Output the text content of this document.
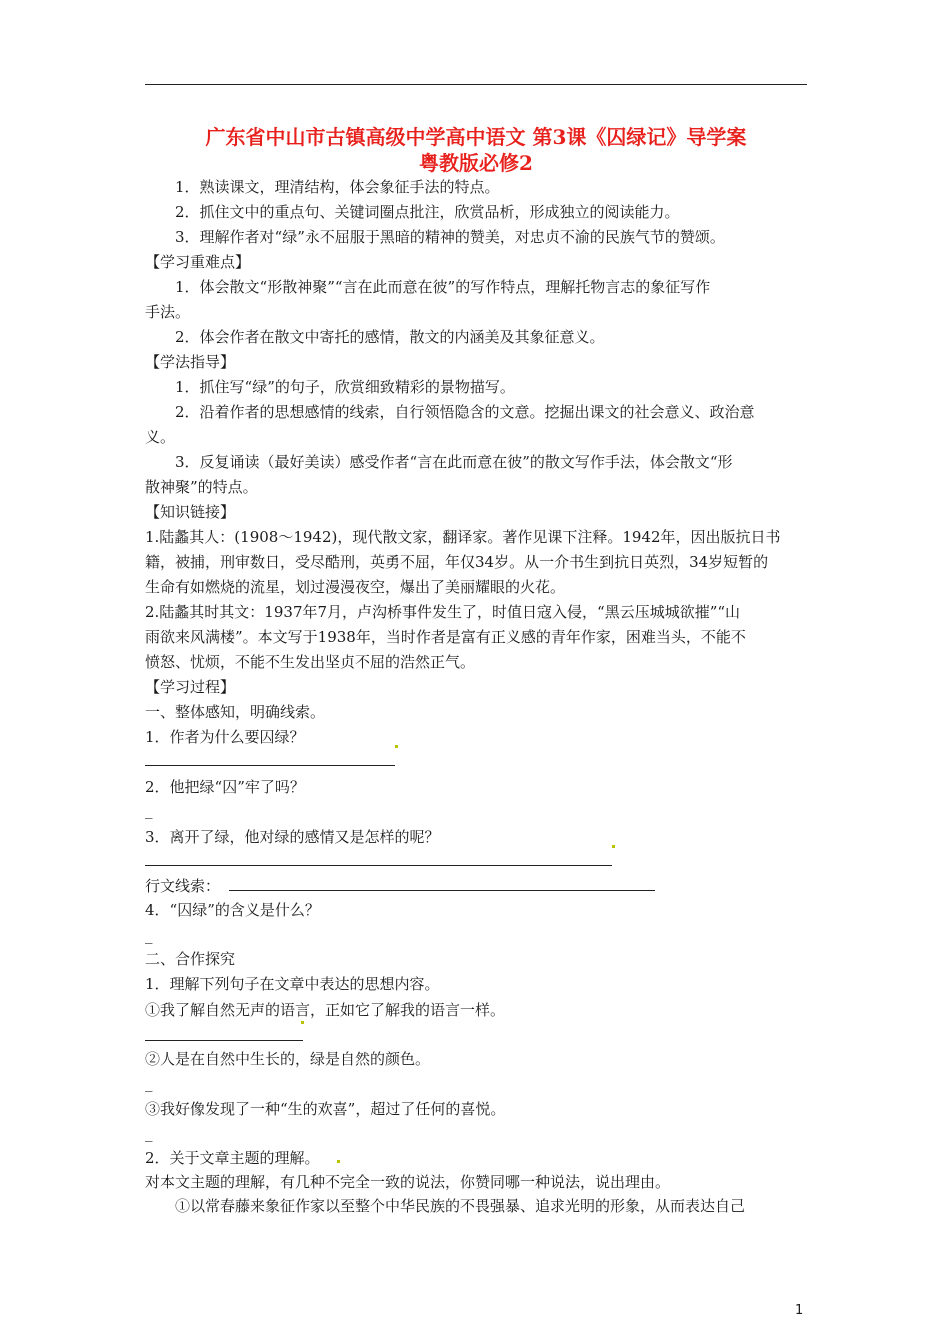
广东省中山市古镇高级中学高中语文 第3课《囚绿记》导学案
粤教版必修2
1．熟读课文，理清结构，体会象征手法的特点。
2．抓住文中的重点句、关键词圈点批注，欣赏品析，形成独立的阅读能力。
3．理解作者对“绿”永不屈服于黑暗的精神的赞美，对忠贞不渝的民族气节的赞颂。
【学习重难点】
1．体会散文“形散神聚”“言在此而意在彼”的写作特点，理解托物言志的象征写作
手法。
2．体会作者在散文中寄托的感情，散文的内涵美及其象征意义。
【学法指导】
1．抓住写“绿”的句子，欣赏细致精彩的景物描写。
2．沿着作者的思想感情的线索，自行领悟隐含的文意。挖掘出课文的社会意义、政治意
义。
3．反复诵读（最好美读）感受作者“言在此而意在彼”的散文写作手法，体会散文“形
散神聚”的特点。
【知识链接】
1.陆蠡其人：(1908～1942)，现代散文家，翻译家。著作见课下注释。1942年，因出版抗日书
籍，被捕，刑审数日，受尽酷刑，英勇不屈，年仅34岁。从一介书生到抗日英烈，34岁短暂的
生命有如燃烧的流星，划过漫漫夜空，爆出了美丽耀眼的火花。
2.陆蠡其时其文：1937年7月，卢沟桥事件发生了，时值日寇入侵，“黑云压城城欲摧”“山
雨欲来风满楼”。本文写于1938年，当时作者是富有正义感的青年作家，困难当头，不能不
愤怒、忧烦，不能不生发出坚贞不屈的浩然正气。
【学习过程】
一、整体感知，明确线索。
1．作者为什么要囚绿？
2．他把绿“囚”牢了吗？
_
3．离开了绿，他对绿的感情又是怎样的呢？
行文线索：
4．“囚绿”的含义是什么？
_
二、合作探究
1．理解下列句子在文章中表达的思想内容。
①我了解自然无声的语言，正如它了解我的语言一样。
②人是在自然中生长的，绿是自然的颜色。
_
③我好像发现了一种“生的欢喜”，超过了任何的喜悦。
_
2．关于文章主题的理解。
对本文主题的理解，有几种不完全一致的说法，你赞同哪一种说法，说出理由。
①以常春藤来象征作家以至整个中华民族的不畏强暴、追求光明的形象，从而表达自己
1
